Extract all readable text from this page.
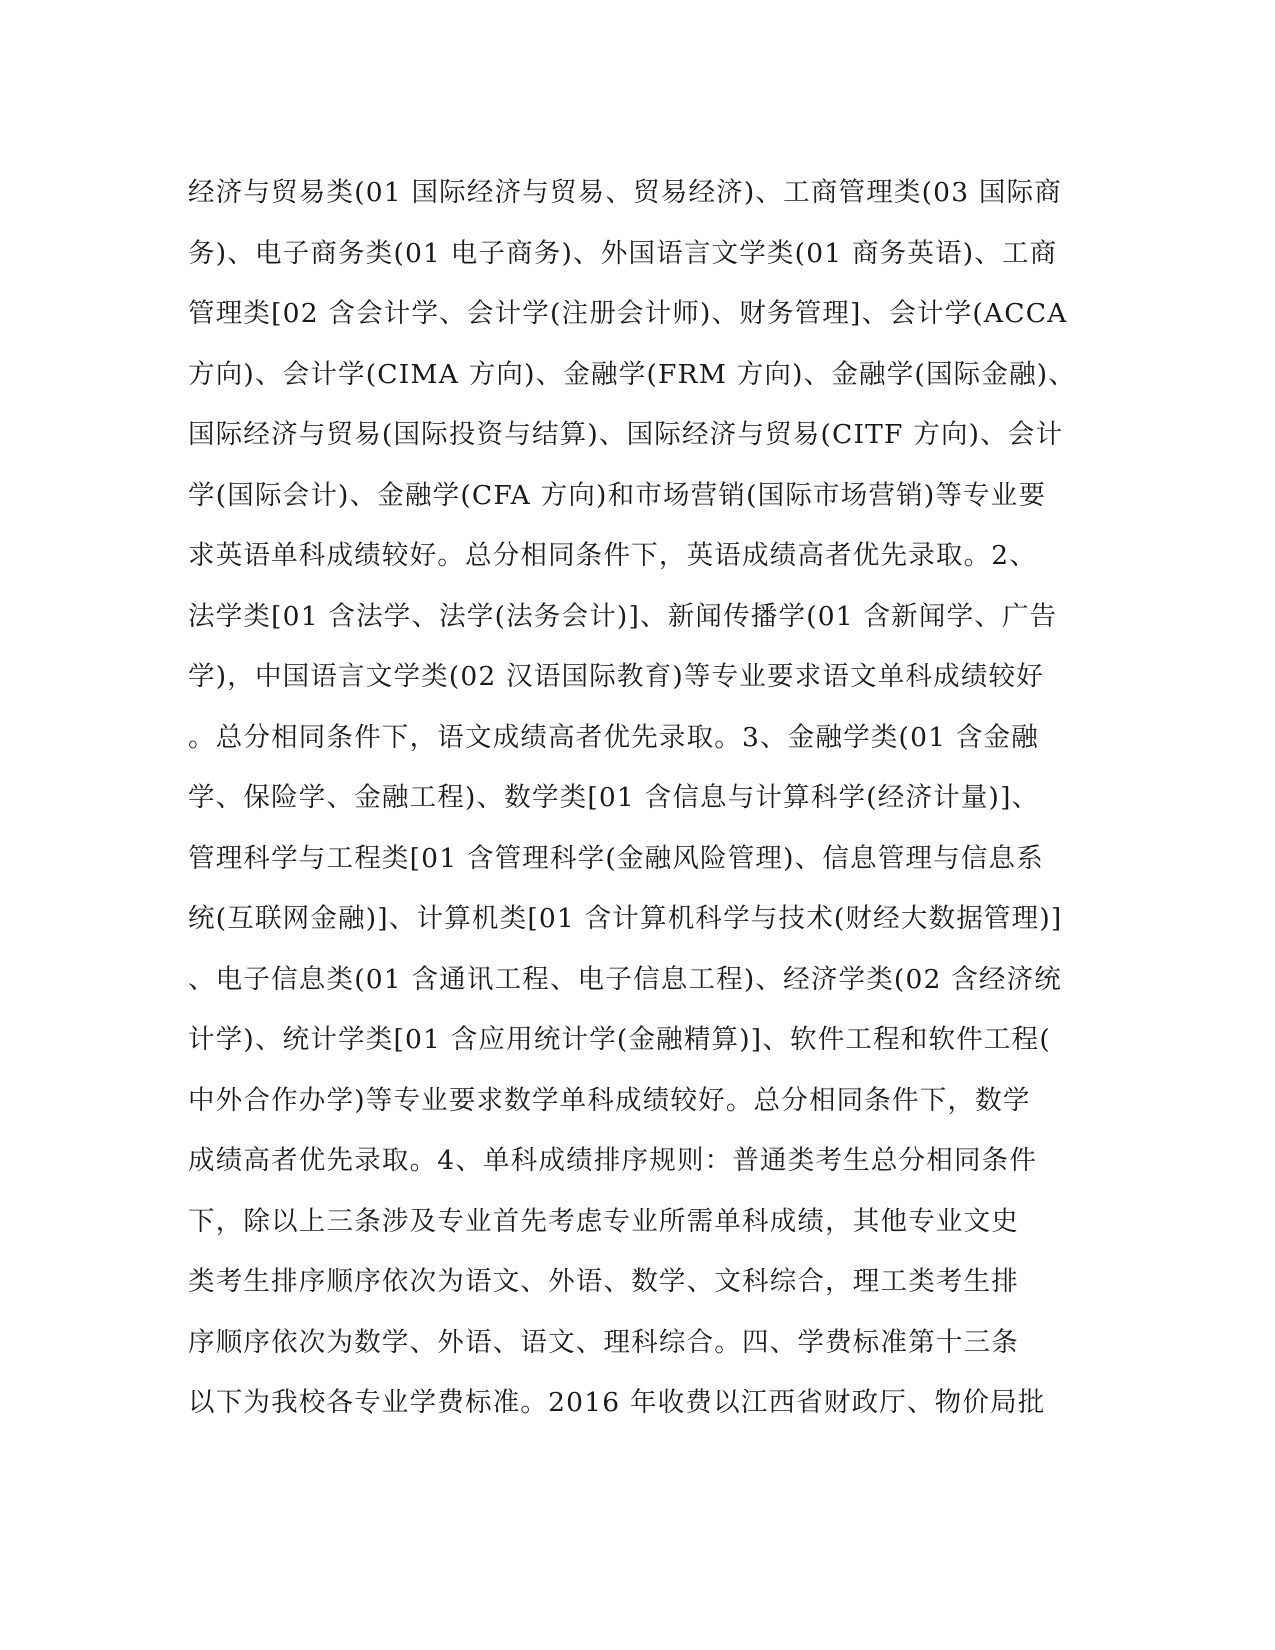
经济与贸易类(01 国际经济与贸易、贸易经济)、工商管理类(03 国际商
务)、电子商务类(01 电子商务)、外国语言文学类(01 商务英语)、工商
管理类[02 含会计学、会计学(注册会计师)、财务管理]、会计学(ACCA
方向)、会计学(CIMA 方向)、金融学(FRM 方向)、金融学(国际金融)、
国际经济与贸易(国际投资与结算)、国际经济与贸易(CITF 方向)、会计
学(国际会计)、金融学(CFA 方向)和市场营销(国际市场营销)等专业要
求英语单科成绩较好。总分相同条件下，英语成绩高者优先录取。2、
法学类[01 含法学、法学(法务会计)]、新闻传播学(01 含新闻学、广告
学)，中国语言文学类(02 汉语国际教育)等专业要求语文单科成绩较好
。总分相同条件下，语文成绩高者优先录取。3、金融学类(01 含金融
学、保险学、金融工程)、数学类[01 含信息与计算科学(经济计量)]、
管理科学与工程类[01 含管理科学(金融风险管理)、信息管理与信息系
统(互联网金融)]、计算机类[01 含计算机科学与技术(财经大数据管理)]
、电子信息类(01 含通讯工程、电子信息工程)、经济学类(02 含经济统
计学)、统计学类[01 含应用统计学(金融精算)]、软件工程和软件工程(
中外合作办学)等专业要求数学单科成绩较好。总分相同条件下，数学
成绩高者优先录取。4、单科成绩排序规则：普通类考生总分相同条件
下，除以上三条涉及专业首先考虑专业所需单科成绩，其他专业文史
类考生排序顺序依次为语文、外语、数学、文科综合，理工类考生排
序顺序依次为数学、外语、语文、理科综合。四、学费标准第十三条
以下为我校各专业学费标准。2016 年收费以江西省财政厅、物价局批
